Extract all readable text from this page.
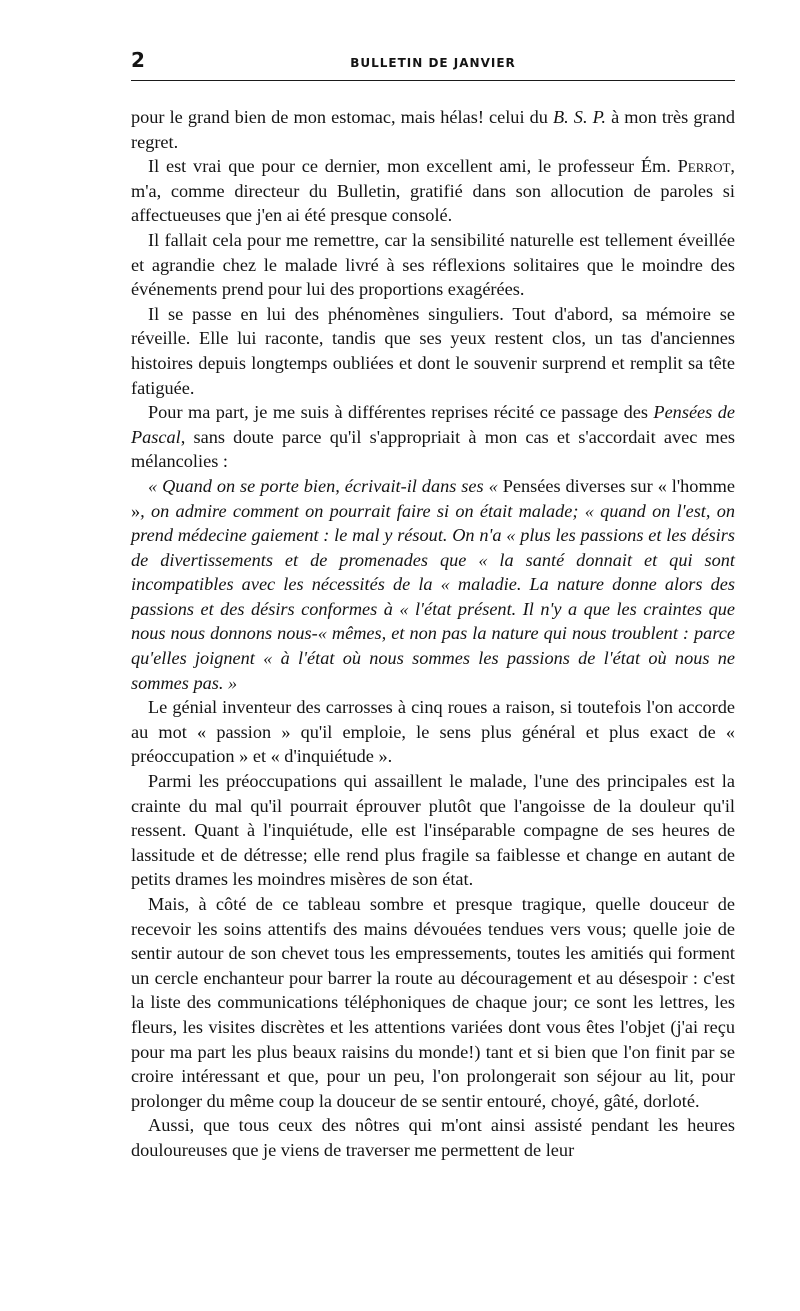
2	BULLETIN DE JANVIER

pour le grand bien de mon estomac, mais hélas! celui du B. S. P. à mon très grand regret.

Il est vrai que pour ce dernier, mon excellent ami, le professeur Ém. Perrot, m'a, comme directeur du Bulletin, gratifié dans son allocution de paroles si affectueuses que j'en ai été presque consolé.

Il fallait cela pour me remettre, car la sensibilité naturelle est tellement éveillée et agrandie chez le malade livré à ses réflexions solitaires que le moindre des événements prend pour lui des proportions exagérées.

Il se passe en lui des phénomènes singuliers. Tout d'abord, sa mémoire se réveille. Elle lui raconte, tandis que ses yeux restent clos, un tas d'anciennes histoires depuis longtemps oubliées et dont le souvenir surprend et remplit sa tête fatiguée.

Pour ma part, je me suis à différentes reprises récité ce passage des Pensées de Pascal, sans doute parce qu'il s'appropriait à mon cas et s'accordait avec mes mélancolies :

« Quand on se porte bien, écrivait-il dans ses « Pensées diverses sur « l'homme », on admire comment on pourrait faire si on était malade; « quand on l'est, on prend médecine gaiement : le mal y résout. On n'a « plus les passions et les désirs de divertissements et de promenades que « la santé donnait et qui sont incompatibles avec les nécessités de la « maladie. La nature donne alors des passions et des désirs conformes à « l'état présent. Il n'y a que les craintes que nous nous donnons nous-« mêmes, et non pas la nature qui nous troublent : parce qu'elles joignent « à l'état où nous sommes les passions de l'état où nous ne sommes pas. »

Le génial inventeur des carrosses à cinq roues a raison, si toutefois l'on accorde au mot « passion » qu'il emploie, le sens plus général et plus exact de « préoccupation » et « d'inquiétude ».

Parmi les préoccupations qui assaillent le malade, l'une des principales est la crainte du mal qu'il pourrait éprouver plutôt que l'angoisse de la douleur qu'il ressent. Quant à l'inquiétude, elle est l'inséparable compagne de ses heures de lassitude et de détresse; elle rend plus fragile sa faiblesse et change en autant de petits drames les moindres misères de son état.

Mais, à côté de ce tableau sombre et presque tragique, quelle douceur de recevoir les soins attentifs des mains dévouées tendues vers vous; quelle joie de sentir autour de son chevet tous les empressements, toutes les amitiés qui forment un cercle enchanteur pour barrer la route au découragement et au désespoir : c'est la liste des communications téléphoniques de chaque jour; ce sont les lettres, les fleurs, les visites discrètes et les attentions variées dont vous êtes l'objet (j'ai reçu pour ma part les plus beaux raisins du monde!) tant et si bien que l'on finit par se croire intéressant et que, pour un peu, l'on prolongerait son séjour au lit, pour prolonger du même coup la douceur de se sentir entouré, choyé, gâté, dorloté.

Aussi, que tous ceux des nôtres qui m'ont ainsi assisté pendant les heures douloureuses que je viens de traverser me permettent de leur
